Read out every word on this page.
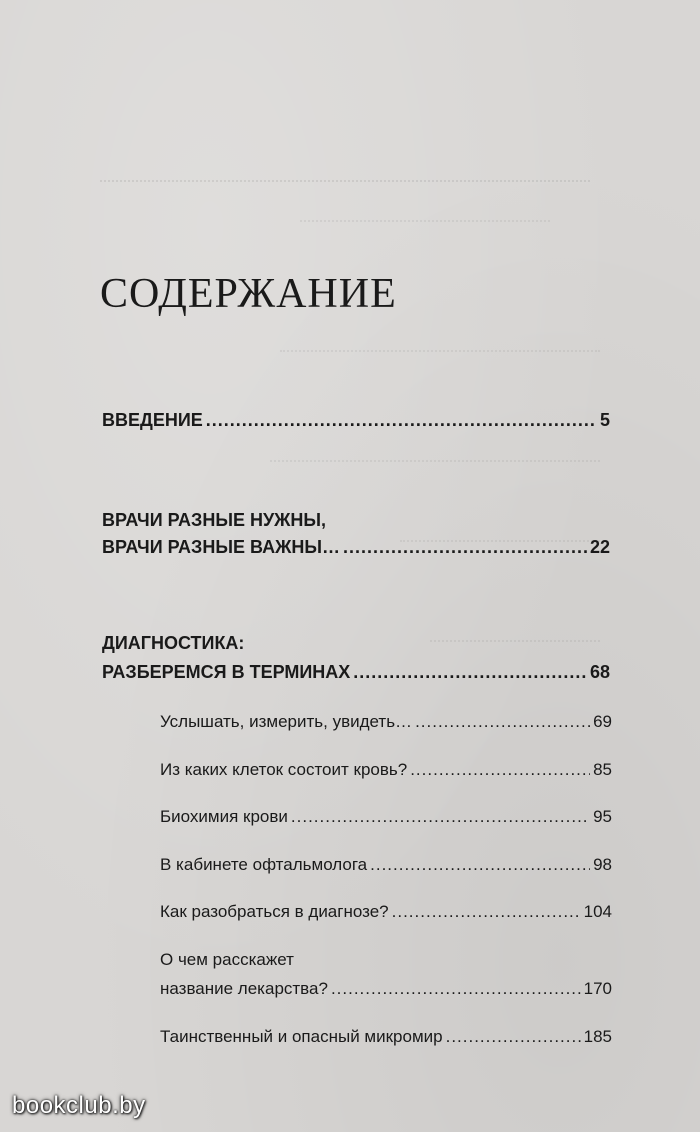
СОДЕРЖАНИЕ
ВВЕДЕНИЕ .....	5
ВРАЧИ РАЗНЫЕ НУЖНЫ,
ВРАЧИ РАЗНЫЕ ВАЖНЫ… .....	22
ДИАГНОСТИКА:
РАЗБЕРЕМСЯ В ТЕРМИНАХ .....	68
Услышать, измерить, увидеть… .....	69
Из каких клеток состоит кровь? .....	85
Биохимия крови .....	95
В кабинете офтальмолога .....	98
Как разобраться в диагнозе? .....	104
О чем расскажет
название лекарства? .....	170
Таинственный и опасный микромир .....	185
bookclub.by
